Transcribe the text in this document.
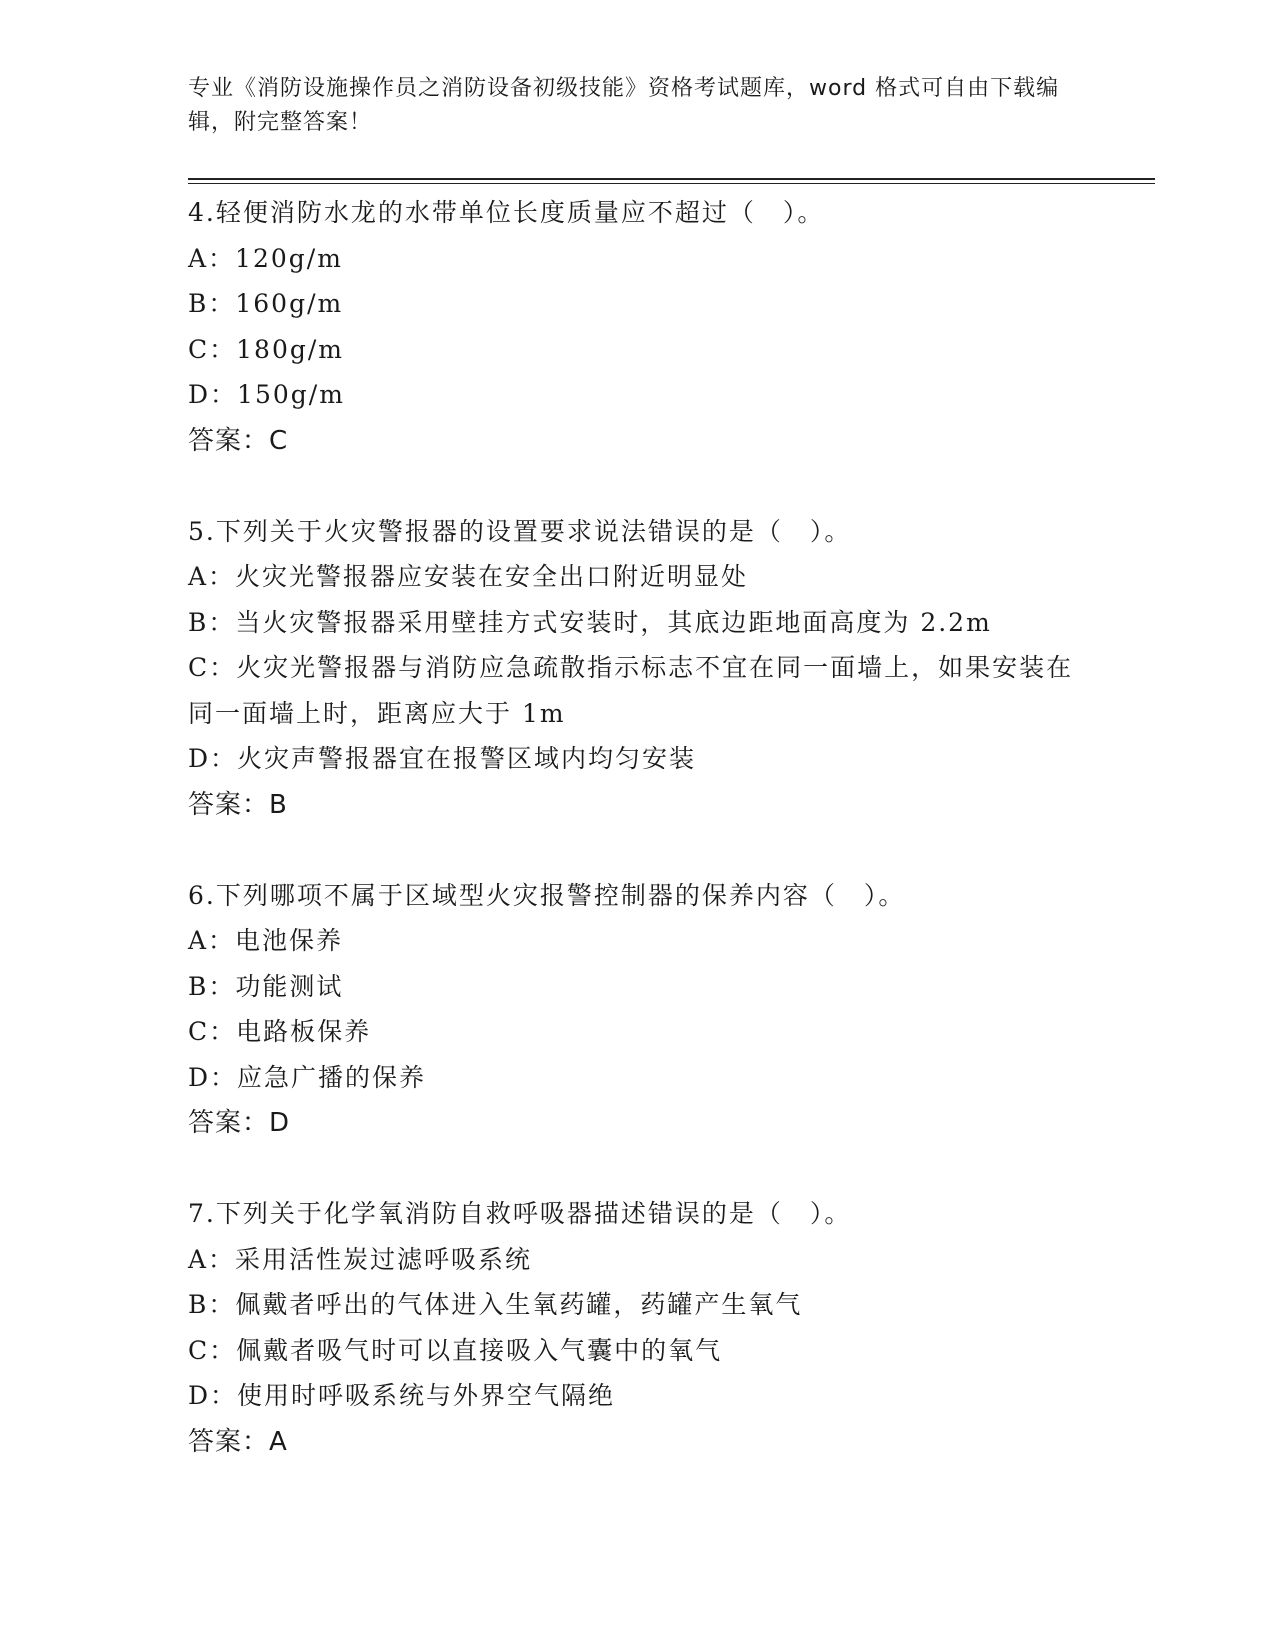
专业《消防设施操作员之消防设备初级技能》资格考试题库，word 格式可自由下载编辑，附完整答案！
4.轻便消防水龙的水带单位长度质量应不超过（　）。
A：120g/m
B：160g/m
C：180g/m
D：150g/m
答案：C
5.下列关于火灾警报器的设置要求说法错误的是（　）。
A：火灾光警报器应安装在安全出口附近明显处
B：当火灾警报器采用壁挂方式安装时，其底边距地面高度为 2.2m
C：火灾光警报器与消防应急疏散指示标志不宜在同一面墙上，如果安装在同一面墙上时，距离应大于 1m
D：火灾声警报器宜在报警区域内均匀安装
答案：B
6.下列哪项不属于区域型火灾报警控制器的保养内容（　）。
A：电池保养
B：功能测试
C：电路板保养
D：应急广播的保养
答案：D
7.下列关于化学氧消防自救呼吸器描述错误的是（　）。
A：采用活性炭过滤呼吸系统
B：佩戴者呼出的气体进入生氧药罐，药罐产生氧气
C：佩戴者吸气时可以直接吸入气囊中的氧气
D：使用时呼吸系统与外界空气隔绝
答案：A
